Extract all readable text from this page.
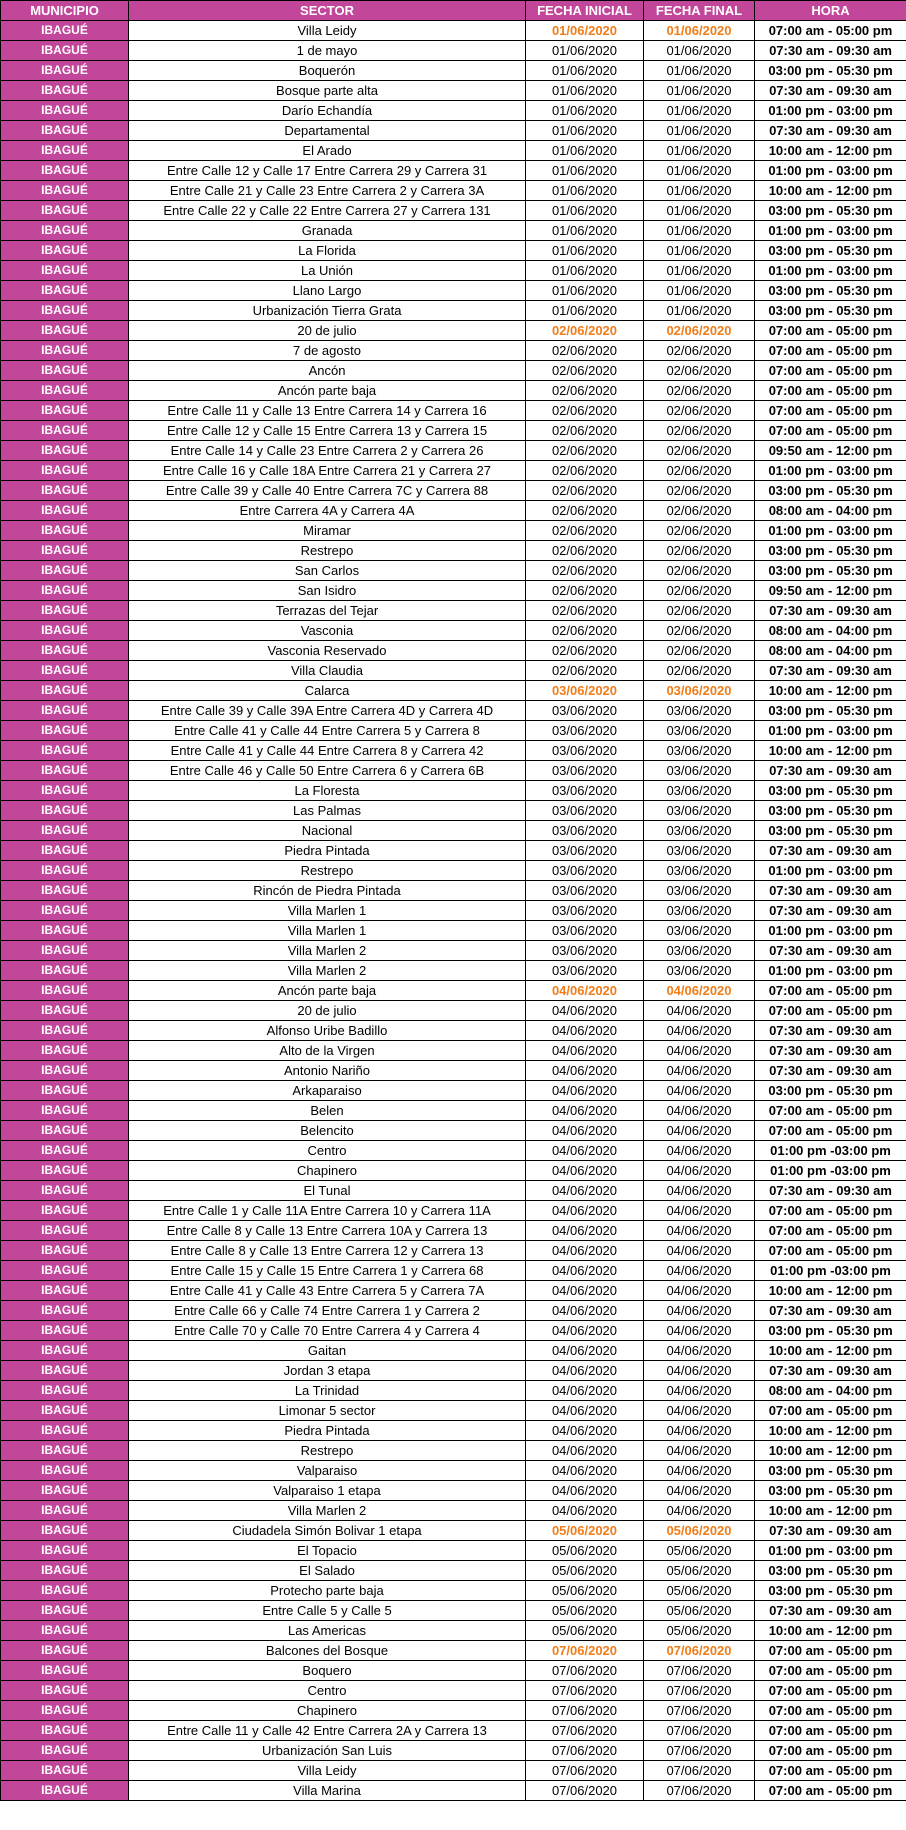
MUNICIPIO	SECTOR	FECHA INICIAL	FECHA FINAL	HORA
IBAGUÉ	Villa Leidy	01/06/2020	01/06/2020	07:00 am - 05:00 pm
IBAGUÉ	1 de mayo	01/06/2020	01/06/2020	07:30 am - 09:30 am
IBAGUÉ	Boquerón	01/06/2020	01/06/2020	03:00 pm - 05:30 pm
IBAGUÉ	Bosque parte alta	01/06/2020	01/06/2020	07:30 am - 09:30 am
IBAGUÉ	Darío Echandía	01/06/2020	01/06/2020	01:00 pm - 03:00 pm
IBAGUÉ	Departamental	01/06/2020	01/06/2020	07:30 am - 09:30 am
IBAGUÉ	El Arado	01/06/2020	01/06/2020	10:00 am - 12:00 pm
IBAGUÉ	Entre Calle 12 y Calle 17 Entre Carrera 29 y Carrera 31	01/06/2020	01/06/2020	01:00 pm - 03:00 pm
IBAGUÉ	Entre Calle 21 y Calle 23 Entre Carrera 2 y Carrera 3A	01/06/2020	01/06/2020	10:00 am - 12:00 pm
IBAGUÉ	Entre Calle 22 y Calle 22 Entre Carrera 27 y Carrera 131	01/06/2020	01/06/2020	03:00 pm - 05:30 pm
IBAGUÉ	Granada	01/06/2020	01/06/2020	01:00 pm - 03:00 pm
IBAGUÉ	La Florida	01/06/2020	01/06/2020	03:00 pm - 05:30 pm
IBAGUÉ	La Unión	01/06/2020	01/06/2020	01:00 pm - 03:00 pm
IBAGUÉ	Llano Largo	01/06/2020	01/06/2020	03:00 pm - 05:30 pm
IBAGUÉ	Urbanización Tierra Grata	01/06/2020	01/06/2020	03:00 pm - 05:30 pm
IBAGUÉ	20 de julio	02/06/2020	02/06/2020	07:00 am - 05:00 pm
IBAGUÉ	7 de agosto	02/06/2020	02/06/2020	07:00 am - 05:00 pm
IBAGUÉ	Ancón	02/06/2020	02/06/2020	07:00 am - 05:00 pm
IBAGUÉ	Ancón parte baja	02/06/2020	02/06/2020	07:00 am - 05:00 pm
IBAGUÉ	Entre Calle 11 y Calle 13 Entre Carrera 14 y Carrera 16	02/06/2020	02/06/2020	07:00 am - 05:00 pm
IBAGUÉ	Entre Calle 12 y Calle 15 Entre Carrera 13 y Carrera 15	02/06/2020	02/06/2020	07:00 am - 05:00 pm
IBAGUÉ	Entre Calle 14 y Calle 23 Entre Carrera 2 y Carrera 26	02/06/2020	02/06/2020	09:50 am - 12:00 pm
IBAGUÉ	Entre Calle 16 y Calle 18A Entre Carrera 21 y Carrera 27	02/06/2020	02/06/2020	01:00 pm - 03:00 pm
IBAGUÉ	Entre Calle 39 y Calle 40 Entre Carrera 7C y Carrera 88	02/06/2020	02/06/2020	03:00 pm - 05:30 pm
IBAGUÉ	Entre Carrera 4A y Carrera 4A	02/06/2020	02/06/2020	08:00 am - 04:00 pm
IBAGUÉ	Miramar	02/06/2020	02/06/2020	01:00 pm - 03:00 pm
IBAGUÉ	Restrepo	02/06/2020	02/06/2020	03:00 pm - 05:30 pm
IBAGUÉ	San Carlos	02/06/2020	02/06/2020	03:00 pm - 05:30 pm
IBAGUÉ	San Isidro	02/06/2020	02/06/2020	09:50 am - 12:00 pm
IBAGUÉ	Terrazas del Tejar	02/06/2020	02/06/2020	07:30 am - 09:30 am
IBAGUÉ	Vasconia	02/06/2020	02/06/2020	08:00 am - 04:00 pm
IBAGUÉ	Vasconia Reservado	02/06/2020	02/06/2020	08:00 am - 04:00 pm
IBAGUÉ	Villa Claudia	02/06/2020	02/06/2020	07:30 am - 09:30 am
IBAGUÉ	Calarca	03/06/2020	03/06/2020	10:00 am - 12:00 pm
IBAGUÉ	Entre Calle 39 y Calle 39A Entre Carrera 4D y Carrera 4D	03/06/2020	03/06/2020	03:00 pm - 05:30 pm
IBAGUÉ	Entre Calle 41 y Calle 44 Entre Carrera 5 y Carrera 8	03/06/2020	03/06/2020	01:00 pm - 03:00 pm
IBAGUÉ	Entre Calle 41 y Calle 44 Entre Carrera 8 y Carrera 42	03/06/2020	03/06/2020	10:00 am - 12:00 pm
IBAGUÉ	Entre Calle 46 y Calle 50 Entre Carrera 6 y Carrera 6B	03/06/2020	03/06/2020	07:30 am - 09:30 am
IBAGUÉ	La Floresta	03/06/2020	03/06/2020	03:00 pm - 05:30 pm
IBAGUÉ	Las Palmas	03/06/2020	03/06/2020	03:00 pm - 05:30 pm
IBAGUÉ	Nacional	03/06/2020	03/06/2020	03:00 pm - 05:30 pm
IBAGUÉ	Piedra Pintada	03/06/2020	03/06/2020	07:30 am - 09:30 am
IBAGUÉ	Restrepo	03/06/2020	03/06/2020	01:00 pm - 03:00 pm
IBAGUÉ	Rincón de Piedra Pintada	03/06/2020	03/06/2020	07:30 am - 09:30 am
IBAGUÉ	Villa Marlen 1	03/06/2020	03/06/2020	07:30 am - 09:30 am
IBAGUÉ	Villa Marlen 1	03/06/2020	03/06/2020	01:00 pm - 03:00 pm
IBAGUÉ	Villa Marlen 2	03/06/2020	03/06/2020	07:30 am - 09:30 am
IBAGUÉ	Villa Marlen 2	03/06/2020	03/06/2020	01:00 pm - 03:00 pm
IBAGUÉ	Ancón parte baja	04/06/2020	04/06/2020	07:00 am - 05:00 pm
IBAGUÉ	20 de julio	04/06/2020	04/06/2020	07:00 am - 05:00 pm
IBAGUÉ	Alfonso Uribe Badillo	04/06/2020	04/06/2020	07:30 am - 09:30 am
IBAGUÉ	Alto de la Virgen	04/06/2020	04/06/2020	07:30 am - 09:30 am
IBAGUÉ	Antonio Nariño	04/06/2020	04/06/2020	07:30 am - 09:30 am
IBAGUÉ	Arkaparaiso	04/06/2020	04/06/2020	03:00 pm - 05:30 pm
IBAGUÉ	Belen	04/06/2020	04/06/2020	07:00 am - 05:00 pm
IBAGUÉ	Belencito	04/06/2020	04/06/2020	07:00 am - 05:00 pm
IBAGUÉ	Centro	04/06/2020	04/06/2020	01:00 pm -03:00 pm
IBAGUÉ	Chapinero	04/06/2020	04/06/2020	01:00 pm -03:00 pm
IBAGUÉ	El Tunal	04/06/2020	04/06/2020	07:30 am - 09:30 am
IBAGUÉ	Entre Calle 1 y Calle 11A Entre Carrera 10 y Carrera 11A	04/06/2020	04/06/2020	07:00 am - 05:00 pm
IBAGUÉ	Entre Calle 8 y Calle 13 Entre Carrera 10A y Carrera 13	04/06/2020	04/06/2020	07:00 am - 05:00 pm
IBAGUÉ	Entre Calle 8 y Calle 13 Entre Carrera 12 y Carrera 13	04/06/2020	04/06/2020	07:00 am - 05:00 pm
IBAGUÉ	Entre Calle 15 y Calle 15 Entre Carrera 1 y Carrera 68	04/06/2020	04/06/2020	01:00 pm -03:00 pm
IBAGUÉ	Entre Calle 41 y Calle 43 Entre Carrera 5 y Carrera 7A	04/06/2020	04/06/2020	10:00 am - 12:00 pm
IBAGUÉ	Entre Calle 66 y Calle 74 Entre Carrera 1 y Carrera 2	04/06/2020	04/06/2020	07:30 am - 09:30 am
IBAGUÉ	Entre Calle 70 y Calle 70 Entre Carrera 4 y Carrera 4	04/06/2020	04/06/2020	03:00 pm - 05:30 pm
IBAGUÉ	Gaitan	04/06/2020	04/06/2020	10:00 am - 12:00 pm
IBAGUÉ	Jordan 3 etapa	04/06/2020	04/06/2020	07:30 am - 09:30 am
IBAGUÉ	La Trinidad	04/06/2020	04/06/2020	08:00 am - 04:00 pm
IBAGUÉ	Limonar 5 sector	04/06/2020	04/06/2020	07:00 am - 05:00 pm
IBAGUÉ	Piedra Pintada	04/06/2020	04/06/2020	10:00 am - 12:00 pm
IBAGUÉ	Restrepo	04/06/2020	04/06/2020	10:00 am - 12:00 pm
IBAGUÉ	Valparaiso	04/06/2020	04/06/2020	03:00 pm - 05:30 pm
IBAGUÉ	Valparaiso 1 etapa	04/06/2020	04/06/2020	03:00 pm - 05:30 pm
IBAGUÉ	Villa Marlen 2	04/06/2020	04/06/2020	10:00 am - 12:00 pm
IBAGUÉ	Ciudadela Simón Bolivar 1 etapa	05/06/2020	05/06/2020	07:30 am - 09:30 am
IBAGUÉ	El Topacio	05/06/2020	05/06/2020	01:00 pm - 03:00 pm
IBAGUÉ	El Salado	05/06/2020	05/06/2020	03:00 pm - 05:30 pm
IBAGUÉ	Protecho parte baja	05/06/2020	05/06/2020	03:00 pm - 05:30 pm
IBAGUÉ	Entre Calle 5 y Calle 5	05/06/2020	05/06/2020	07:30 am - 09:30 am
IBAGUÉ	Las Americas	05/06/2020	05/06/2020	10:00 am - 12:00 pm
IBAGUÉ	Balcones del Bosque	07/06/2020	07/06/2020	07:00 am - 05:00 pm
IBAGUÉ	Boquero	07/06/2020	07/06/2020	07:00 am - 05:00 pm
IBAGUÉ	Centro	07/06/2020	07/06/2020	07:00 am - 05:00 pm
IBAGUÉ	Chapinero	07/06/2020	07/06/2020	07:00 am - 05:00 pm
IBAGUÉ	Entre Calle 11 y Calle 42 Entre Carrera 2A y Carrera 13	07/06/2020	07/06/2020	07:00 am - 05:00 pm
IBAGUÉ	Urbanización San Luis	07/06/2020	07/06/2020	07:00 am - 05:00 pm
IBAGUÉ	Villa Leidy	07/06/2020	07/06/2020	07:00 am - 05:00 pm
IBAGUÉ	Villa Marina	07/06/2020	07/06/2020	07:00 am - 05:00 pm
